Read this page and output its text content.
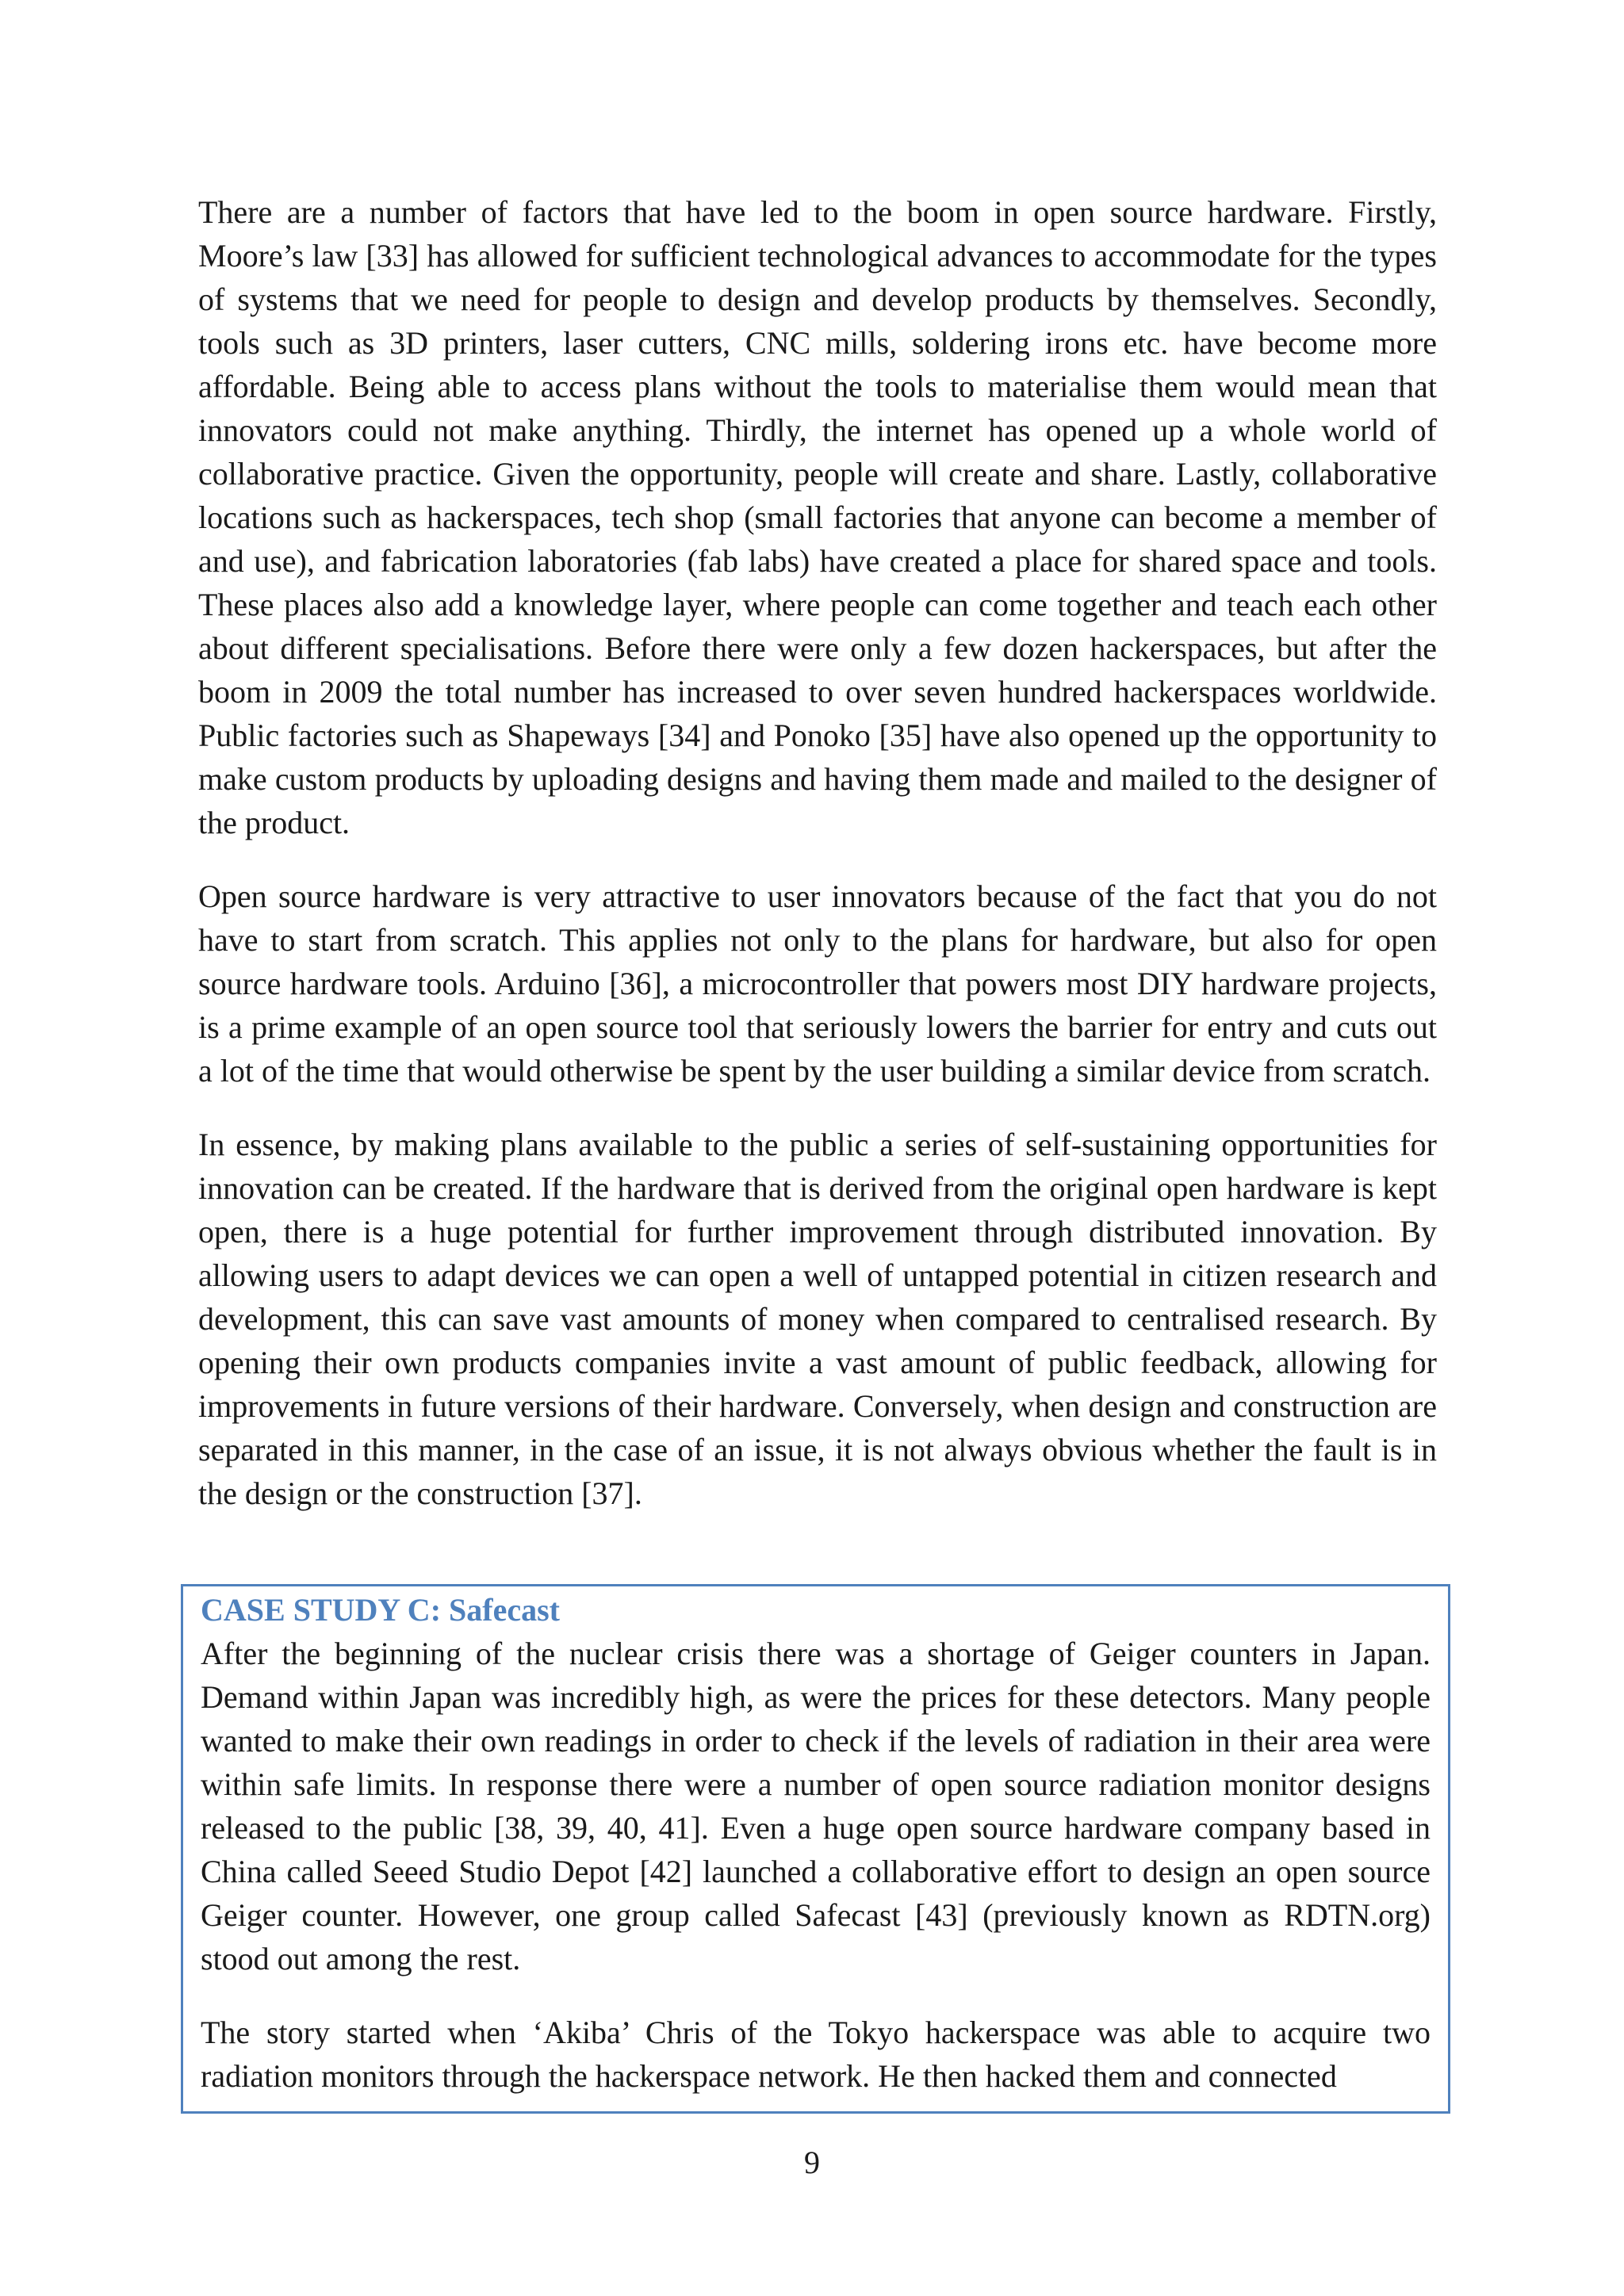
There are a number of factors that have led to the boom in open source hardware. Firstly, Moore’s law [33] has allowed for sufficient technological advances to accommodate for the types of systems that we need for people to design and develop products by themselves. Secondly, tools such as 3D printers, laser cutters, CNC mills, soldering irons etc. have become more affordable. Being able to access plans without the tools to materialise them would mean that innovators could not make anything. Thirdly, the internet has opened up a whole world of collaborative practice. Given the opportunity, people will create and share. Lastly, collaborative locations such as hackerspaces, tech shop (small factories that anyone can become a member of and use), and fabrication laboratories (fab labs) have created a place for shared space and tools. These places also add a knowledge layer, where people can come together and teach each other about different specialisations. Before there were only a few dozen hackerspaces, but after the boom in 2009 the total number has increased to over seven hundred hackerspaces worldwide. Public factories such as Shapeways [34] and Ponoko [35] have also opened up the opportunity to make custom products by uploading designs and having them made and mailed to the designer of the product.

Open source hardware is very attractive to user innovators because of the fact that you do not have to start from scratch. This applies not only to the plans for hardware, but also for open source hardware tools. Arduino [36], a microcontroller that powers most DIY hardware projects, is a prime example of an open source tool that seriously lowers the barrier for entry and cuts out a lot of the time that would otherwise be spent by the user building a similar device from scratch.

In essence, by making plans available to the public a series of self-sustaining opportunities for innovation can be created. If the hardware that is derived from the original open hardware is kept open, there is a huge potential for further improvement through distributed innovation. By allowing users to adapt devices we can open a well of untapped potential in citizen research and development, this can save vast amounts of money when compared to centralised research. By opening their own products companies invite a vast amount of public feedback, allowing for improvements in future versions of their hardware. Conversely, when design and construction are separated in this manner, in the case of an issue, it is not always obvious whether the fault is in the design or the construction [37].

CASE STUDY C: Safecast

After the beginning of the nuclear crisis there was a shortage of Geiger counters in Japan. Demand within Japan was incredibly high, as were the prices for these detectors. Many people wanted to make their own readings in order to check if the levels of radiation in their area were within safe limits. In response there were a number of open source radiation monitor designs released to the public [38, 39, 40, 41]. Even a huge open source hardware company based in China called Seeed Studio Depot [42] launched a collaborative effort to design an open source Geiger counter. However, one group called Safecast [43] (previously known as RDTN.org) stood out among the rest.

The story started when ‘Akiba’ Chris of the Tokyo hackerspace was able to acquire two radiation monitors through the hackerspace network. He then hacked them and connected

9
